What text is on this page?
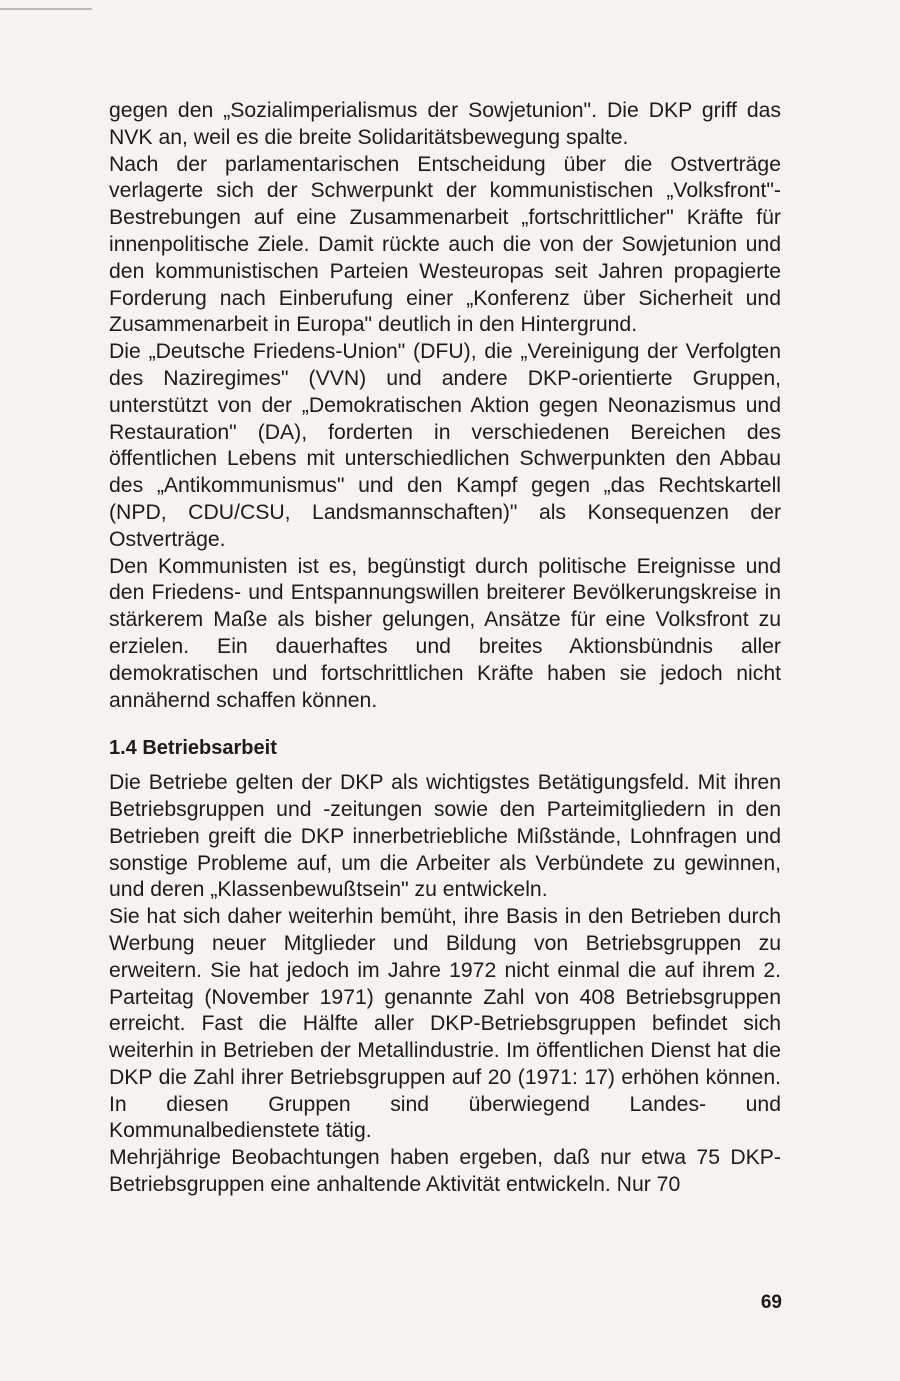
gegen den „Sozialimperialismus der Sowjetunion". Die DKP griff das NVK an, weil es die breite Solidaritätsbewegung spalte.

Nach der parlamentarischen Entscheidung über die Ostverträge verlagerte sich der Schwerpunkt der kommunistischen „Volksfront"-Bestrebungen auf eine Zusammenarbeit „fortschrittlicher" Kräfte für innenpolitische Ziele. Damit rückte auch die von der Sowjetunion und den kommunistischen Parteien Westeuropas seit Jahren propagierte Forderung nach Einberufung einer „Konferenz über Sicherheit und Zusammenarbeit in Europa" deutlich in den Hintergrund.

Die „Deutsche Friedens-Union" (DFU), die „Vereinigung der Verfolgten des Naziregimes" (VVN) und andere DKP-orientierte Gruppen, unterstützt von der „Demokratischen Aktion gegen Neonazismus und Restauration" (DA), forderten in verschiedenen Bereichen des öffentlichen Lebens mit unterschiedlichen Schwerpunkten den Abbau des „Antikommunismus" und den Kampf gegen „das Rechtskartell (NPD, CDU/CSU, Landsmannschaften)" als Konsequenzen der Ostverträge.

Den Kommunisten ist es, begünstigt durch politische Ereignisse und den Friedens- und Entspannungswillen breiterer Bevölkerungskreise in stärkerem Maße als bisher gelungen, Ansätze für eine Volksfront zu erzielen. Ein dauerhaftes und breites Aktionsbündnis aller demokratischen und fortschrittlichen Kräfte haben sie jedoch nicht annähernd schaffen können.

1.4 Betriebsarbeit

Die Betriebe gelten der DKP als wichtigstes Betätigungsfeld. Mit ihren Betriebsgruppen und -zeitungen sowie den Parteimitgliedern in den Betrieben greift die DKP innerbetriebliche Mißstände, Lohnfragen und sonstige Probleme auf, um die Arbeiter als Verbündete zu gewinnen, und deren „Klassenbewußtsein" zu entwickeln.

Sie hat sich daher weiterhin bemüht, ihre Basis in den Betrieben durch Werbung neuer Mitglieder und Bildung von Betriebsgruppen zu erweitern. Sie hat jedoch im Jahre 1972 nicht einmal die auf ihrem 2. Parteitag (November 1971) genannte Zahl von 408 Betriebsgruppen erreicht. Fast die Hälfte aller DKP-Betriebsgruppen befindet sich weiterhin in Betrieben der Metallindustrie. Im öffentlichen Dienst hat die DKP die Zahl ihrer Betriebsgruppen auf 20 (1971: 17) erhöhen können. In diesen Gruppen sind überwiegend Landes- und Kommunalbedienstete tätig.

Mehrjährige Beobachtungen haben ergeben, daß nur etwa 75 DKP-Betriebsgruppen eine anhaltende Aktivität entwickeln. Nur 70

69
